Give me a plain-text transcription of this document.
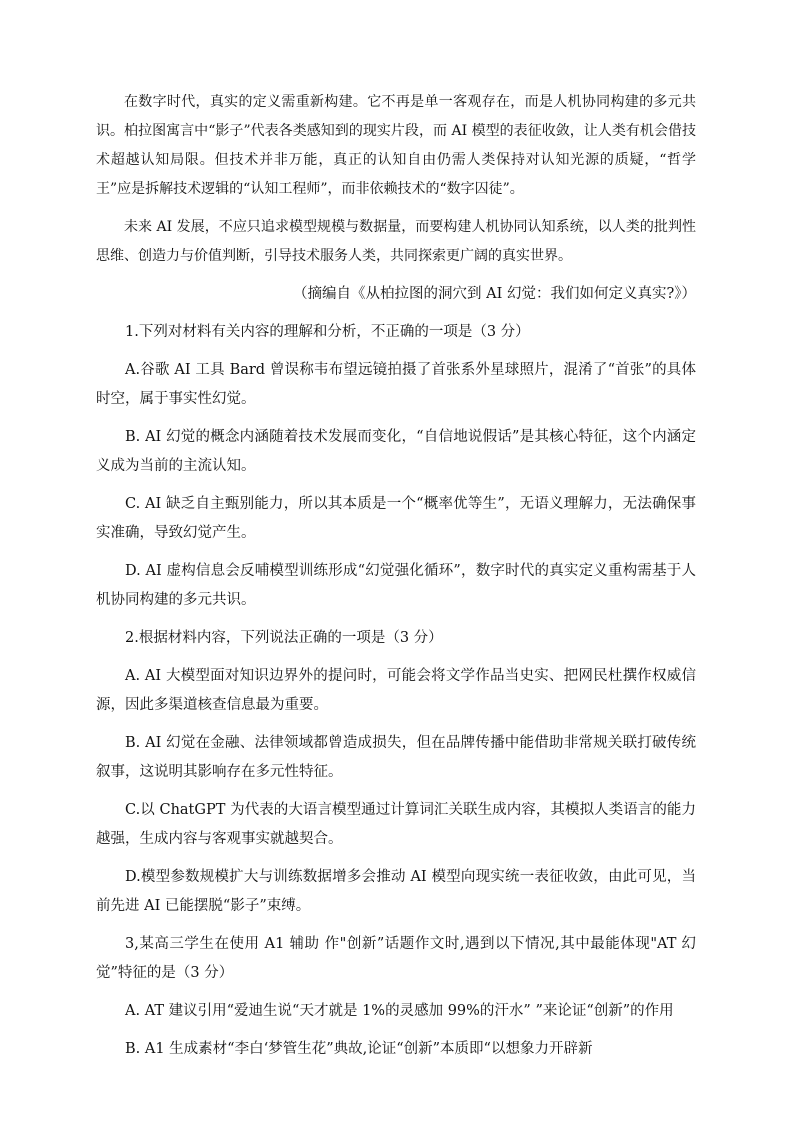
在数字时代，真实的定义需重新构建。它不再是单一客观存在，而是人机协同构建的多元共识。柏拉图寓言中“影子”代表各类感知到的现实片段，而 AI 模型的表征收敛，让人类有机会借技术超越认知局限。但技术并非万能，真正的认知自由仍需人类保持对认知光源的质疑，“哲学王”应是拆解技术逻辑的“认知工程师”，而非依赖技术的“数字囚徒”。

未来 AI 发展，不应只追求模型规模与数据量，而要构建人机协同认知系统，以人类的批判性思维、创造力与价值判断，引导技术服务人类，共同探索更广阔的真实世界。

（摘编自《从柏拉图的洞穴到 AI 幻觉：我们如何定义真实?》）

1.下列对材料有关内容的理解和分析，不正确的一项是（3 分）

A.谷歌 AI 工具 Bard 曾误称韦布望远镜拍摄了首张系外星球照片，混淆了“首张”的具体时空，属于事实性幻觉。

B. AI 幻觉的概念内涵随着技术发展而变化，“自信地说假话”是其核心特征，这个内涵定义成为当前的主流认知。

C. AI 缺乏自主甄别能力，所以其本质是一个“概率优等生”，无语义理解力，无法确保事实准确，导致幻觉产生。

D. AI 虚构信息会反哺模型训练形成“幻觉强化循环”，数字时代的真实定义重构需基于人机协同构建的多元共识。

2.根据材料内容，下列说法正确的一项是（3 分）

A. AI 大模型面对知识边界外的提问时，可能会将文学作品当史实、把网民杜撰作权威信源，因此多渠道核查信息最为重要。

B. AI 幻觉在金融、法律领域都曾造成损失，但在品牌传播中能借助非常规关联打破传统叙事，这说明其影响存在多元性特征。

C.以 ChatGPT 为代表的大语言模型通过计算词汇关联生成内容，其模拟人类语言的能力越强，生成内容与客观事实就越契合。

D.模型参数规模扩大与训练数据增多会推动 AI 模型向现实统一表征收敛，由此可见，当前先进 AI 已能摆脱“影子”束缚。

3,某高三学生在使用 A1 辅助 作"创新”话题作文时,遇到以下情况,其中最能体现"AT 幻觉”特征的是（3 分）

A. AT 建议引用“爱迪生说“天才就是 1%的灵感加 99%的汗水” ”来论证“创新”的作用

B. A1 生成素材“李白‘梦管生花”典故,论证“创新”本质即“以想象力开辟新
